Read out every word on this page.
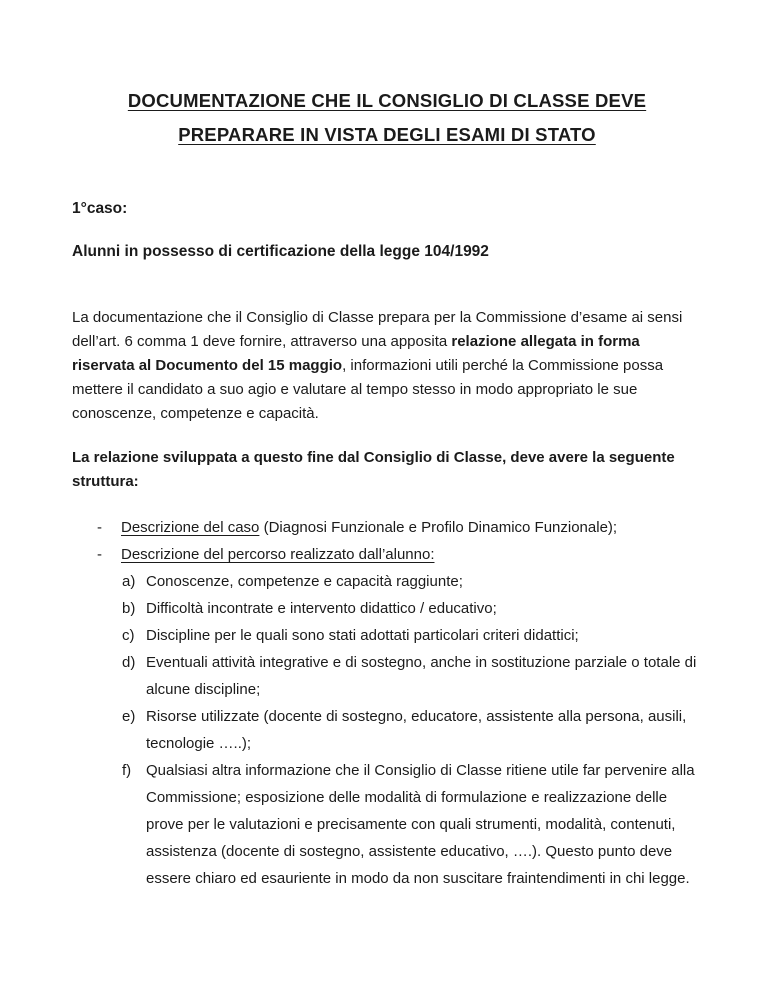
DOCUMENTAZIONE CHE IL CONSIGLIO DI CLASSE DEVE
PREPARARE IN VISTA DEGLI ESAMI DI STATO
1°caso:
Alunni in possesso di certificazione della legge 104/1992

La documentazione che il Consiglio di Classe prepara per la Commissione d’esame ai sensi dell’art. 6 comma 1 deve fornire, attraverso una apposita relazione allegata in forma riservata al Documento del 15 maggio, informazioni utili perché la Commissione possa mettere il candidato a suo agio e valutare al tempo stesso in modo appropriato le sue conoscenze, competenze e capacità.

La relazione sviluppata a questo fine dal Consiglio di Classe, deve avere la seguente struttura:

-	Descrizione del caso (Diagnosi Funzionale e Profilo Dinamico Funzionale);
-	Descrizione del percorso realizzato dall’alunno:
a) Conoscenze, competenze e capacità raggiunte;
b) Difficoltà incontrate e intervento didattico / educativo;
c) Discipline per le quali sono stati adottati particolari criteri didattici;
d) Eventuali attività integrative e di sostegno, anche in sostituzione parziale o totale di alcune discipline;
e) Risorse utilizzate (docente di sostegno, educatore, assistente alla persona, ausili, tecnologie …..);
f) Qualsiasi altra informazione che il Consiglio di Classe ritiene utile far pervenire alla Commissione; esposizione delle modalità di formulazione e realizzazione delle prove per le valutazioni e precisamente con quali strumenti, modalità, contenuti, assistenza (docente di sostegno, assistente educativo, ….). Questo punto deve essere chiaro ed esauriente in modo da non suscitare fraintendimenti in chi legge.
